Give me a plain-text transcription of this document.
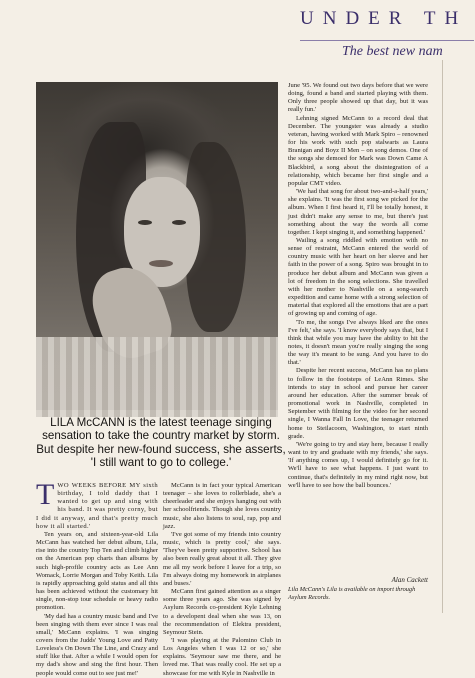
UNDER TH
The best new nam
LILA McCANN is the latest teenage singing sensation to take the country market by storm. But despite her new-found success, she asserts, 'I still want to go to college.'

TWO WEEKS BEFORE MY sixth birthday, I told daddy that I wanted to get up and sing with his band. It was pretty corny, but I did it anyway, and that's pretty much how it all started.'

Ten years on, and sixteen-year-old Lila McCann has watched her debut album, Lila, rise into the country Top Ten and climb higher on the American pop charts than albums by such high-profile country acts as Lee Ann Womack, Lorrie Morgan and Toby Keith. Lila is rapidly approaching gold status and all this has been achieved without the customary hit single, non-stop tour schedule or heavy radio promotion.

'My dad has a country music band and I've been singing with them ever since I was real small,' McCann explains. 'I was singing covers from the Judds' Young Love and Patty Loveless's On Down The Line, and Crazy and stuff like that. After a while I would open for my dad's show and sing the first hour. Then people would come out to see just me!'

McCann is in fact your typical American teenager – she loves to rollerblade, she's a cheerleader and she enjoys hanging out with her schoolfriends. Though she loves country music, she also listens to soul, rap, pop and jazz.

'I've got some of my friends into country music, which is pretty cool,' she says. 'They've been pretty supportive. School has also been really great about it all. They give me all my work before I leave for a trip, so I'm always doing my homework in airplanes and buses.'

McCann first gained attention as a singer some three years ago. She was signed by Asylum Records co-president Kyle Lehning to a developent deal when she was 13, on the recommendation of Elektra president, Seymour Stein.

'I was playing at the Palomino Club in Los Angeles when I was 12 or so,' she explains. 'Seymour saw me there, and he loved me. That was really cool. He set up a showcase for me with Kyle in Nashville in

June '95. We found out two days before that we were doing, found a band and started playing with them. Only three people showed up that day, but it was really fun.'

Lehning signed McCann to a record deal that December. The youngster was already a studio veteran, having worked with Mark Spiro – renowned for his work with such pop stalwarts as Laura Branigan and Boyz II Men – on song demos. One of the songs she demoed for Mark was Down Came A Blackbird, a song about the disintegration of a relationship, which became her first single and a popular CMT video.

'We had that song for about two-and-a-half years,' she explains. 'It was the first song we picked for the album. When I first heard it, I'll be totally honest, it just didn't make any sense to me, but there's just something about the way the words all come together. I kept singing it, and something happened.'

Wailing a song riddled with emotion with no sense of restraint, McCann entered the world of country music with her heart on her sleeve and her faith in the power of a song. Spiro was brought in to produce her debut album and McCann was given a lot of freedom in the song selections. She travelled with her mother to Nashville on a song-search expedition and came home with a strong selection of material that explored all the emotions that are a part of growing up and coming of age.

'To me, the songs I've always liked are the ones I've felt,' she says. 'I know everybody says that, but I think that while you may have the ability to hit the notes, it doesn't mean you're really singing the song the way it's meant to be sung. And you have to do that.'

Despite her recent success, McCann has no plans to follow in the footsteps of LeAnn Rimes. She intends to stay in school and pursue her career around her education. After the summer break of promotional work in Nashville, completed in September with filming for the video for her second single, I Wanna Fall In Love, the teenager returned home to Steilacoom, Washington, to start ninth grade.

'We're going to try and stay here, because I really want to try and graduate with my friends,' she says. 'If anything comes up, I would definitely go for it. We'll have to see what happens. I just want to continue, that's definitely in my mind right now, but we'll have to see how the ball bounces.'

Alan Cackett
Lila McCann's Lila is available on import through Asylum Records.
